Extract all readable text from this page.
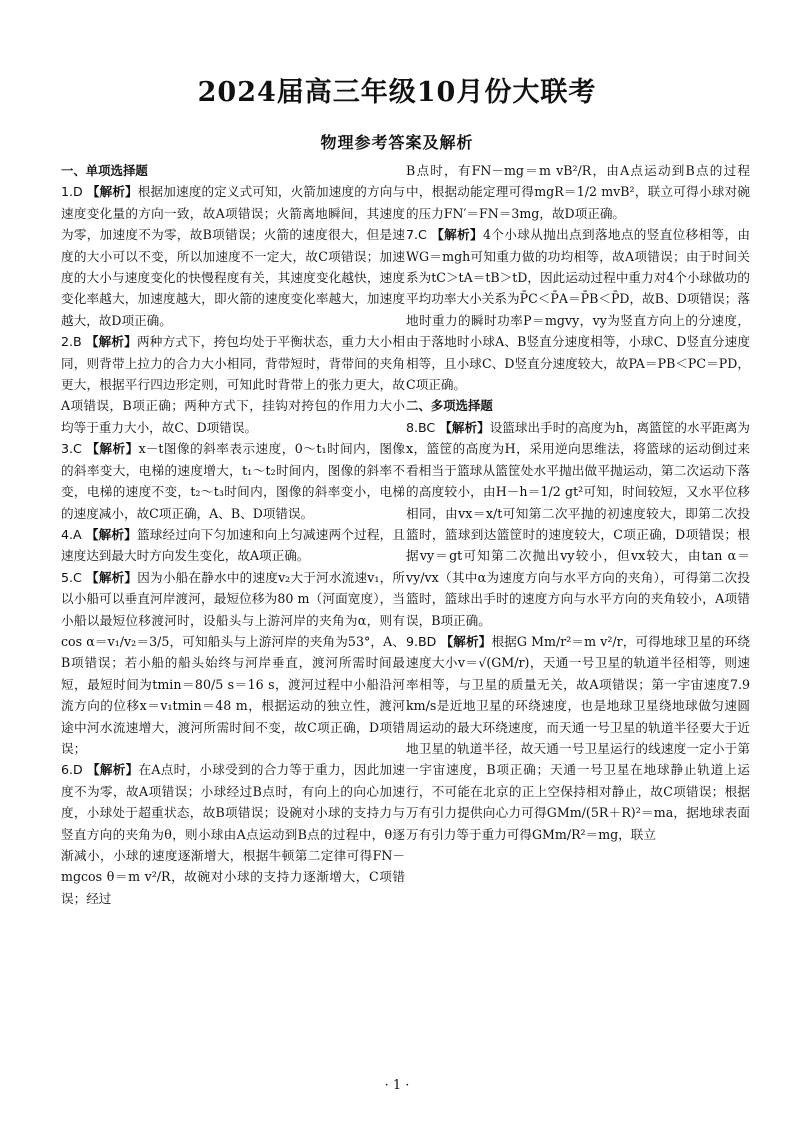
2024届高三年级10月份大联考
物理参考答案及解析
一、单项选择题

1.D 【解析】根据加速度的定义式可知，火箭加速度的方向与速度变化量的方向一致，故A项错误；火箭离地瞬间，其速度为零，加速度不为零，故B项错误；火箭的速度很大，但是速度的大小可以不变，所以加速度不一定大，故C项错误；加速度的大小与速度变化的快慢程度有关，其速度变化越快，速度变化率越大，加速度越大，即火箭的速度变化率越大，加速度越大，故D项正确。

2.B 【解析】两种方式下，挎包均处于平衡状态，重力大小相同，则背带上拉力的合力大小相同，背带短时，背带间的夹角更大，根据平行四边形定则，可知此时背带上的张力更大，故A项错误，B项正确；两种方式下，挂钩对挎包的作用力大小均等于重力大小，故C、D项错误。

3.C 【解析】x－t图像的斜率表示速度，0～t₁时间内，图像的斜率变大，电梯的速度增大，t₁～t₂时间内，图像的斜率不变，电梯的速度不变，t₂～t₃时间内，图像的斜率变小，电梯的速度减小，故C项正确，A、B、D项错误。

4.A 【解析】篮球经过向下匀加速和向上匀减速两个过程，且速度达到最大时方向发生变化，故A项正确。

5.C 【解析】因为小船在静水中的速度v₂大于河水流速v₁，所以小船可以垂直河岸渡河，最短位移为80 m（河面宽度），当小船以最短位移渡河时，设船头与上游河岸的夹角为α，则有cos α＝v₁/v₂＝3/5，可知船头与上游河岸的夹角为53°，A、B项错误；若小船的船头始终与河岸垂直，渡河所需时间最短，最短时间为tmin＝80/5 s＝16 s，渡河过程中小船沿河流方向的位移x＝v₁tmin＝48 m，根据运动的独立性，渡河途中河水流速增大，渡河所需时间不变，故C项正确，D项错误；

6.D 【解析】在A点时，小球受到的合力等于重力，因此加速度不为零，故A项错误；小球经过B点时，有向上的向心加速度，小球处于超重状态，故B项错误；设碗对小球的支持力与竖直方向的夹角为θ，则小球由A点运动到B点的过程中，θ逐渐减小，小球的速度逐渐增大，根据牛顿第二定律可得FN－mgcos θ＝m v²/R，故碗对小球的支持力逐渐增大，C项错误；经过

B点时，有FN－mg＝m vB²/R，由A点运动到B点的过程中，根据动能定理可得mgR＝1/2 mvB²，联立可得小球对碗的压力FN′＝FN＝3mg，故D项正确。

7.C 【解析】4个小球从抛出点到落地点的竖直位移相等，由WG＝mgh可知重力做的功均相等，故A项错误；由于时间关系为tC＞tA＝tB＞tD，因此运动过程中重力对4个小球做功的平均功率大小关系为P̄C＜P̄A＝P̄B＜P̄D，故B、D项错误；落地时重力的瞬时功率P＝mgvy，vy为竖直方向上的分速度，由于落地时小球A、B竖直分速度相等，小球C、D竖直分速度相等，且小球C、D竖直分速度较大，故PA＝PB＜PC＝PD，C项正确。

二、多项选择题

8.BC 【解析】设篮球出手时的高度为h，离篮筐的水平距离为x，篮筐的高度为H，采用逆向思维法，将篮球的运动倒过来看相当于篮球从篮筐处水平抛出做平抛运动，第二次运动下落的高度较小，由H－h＝1/2 gt²可知，时间较短，又水平位移相同，由vx＝x/t可知第二次平抛的初速度较大，即第二次投篮时，篮球到达篮筐时的速度较大，C项正确，D项错误；根据vy＝gt可知第二次抛出vy较小，但vx较大，由tan α＝vy/vx（其中α为速度方向与水平方向的夹角），可得第二次投篮时，篮球出手时的速度方向与水平方向的夹角较小，A项错误，B项正确。

9.BD 【解析】根据G Mm/r²＝m v²/r，可得地球卫星的环绕速度大小v＝√(GM/r)，天通一号卫星的轨道半径相等，则速率相等，与卫星的质量无关，故A项错误；第一宇宙速度7.9 km/s是近地卫星的环绕速度，也是地球卫星绕地球做匀速圆周运动的最大环绕速度，而天通一号卫星的轨道半径要大于近地卫星的轨道半径，故天通一号卫星运行的线速度一定小于第一宇宙速度，B项正确；天通一号卫星在地球静止轨道上运行，不可能在北京的正上空保持相对静止，故C项错误；根据万有引力提供向心力可得GMm/(5R＋R)²＝ma，据地球表面万有引力等于重力可得GMm/R²＝mg，联立

· 1 ·
